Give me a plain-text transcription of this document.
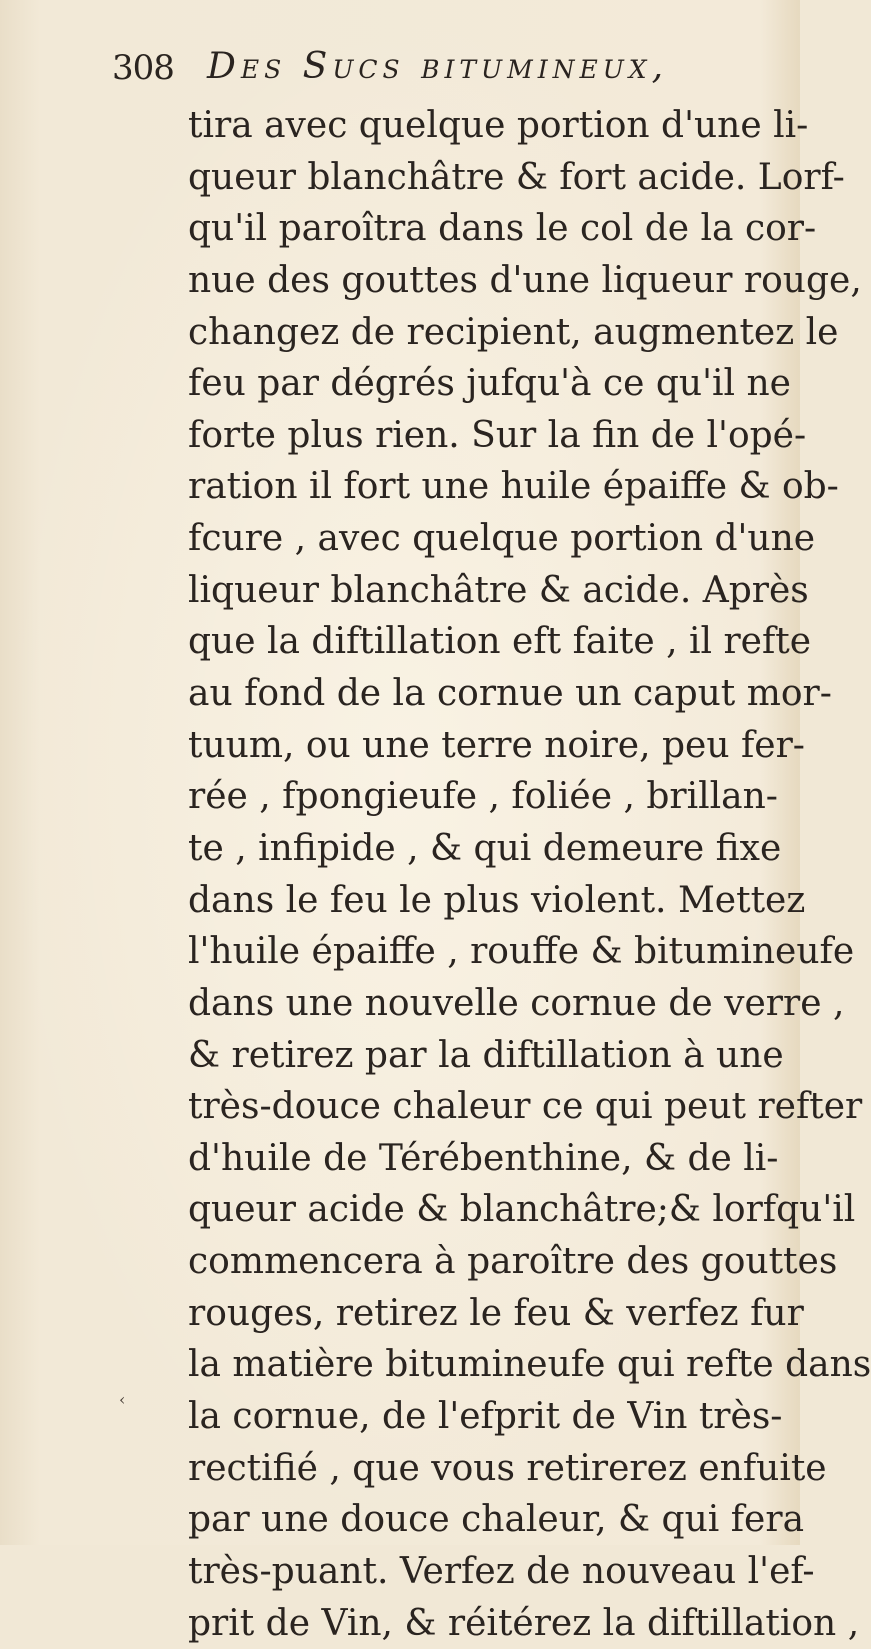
308 Des Sucs bitumineux,
tira avec quelque portion d'une li-
queur blanchâtre & fort acide. Lorf-
qu'il paroîtra dans le col de la cor-
nue des gouttes d'une liqueur rouge,
changez de recipient, augmentez le
feu par dégrés jufqu'à ce qu'il ne
forte plus rien. Sur la fin de l'opé-
ration il fort une huile épaiffe & ob-
fcure , avec quelque portion d'une
liqueur blanchâtre & acide. Après
que la diftillation eft faite , il refte
au fond de la cornue un caput mor-
tuum, ou une terre noire, peu fer-
rée , fpongieufe , foliée , brillan-
te , infipide , & qui demeure fixe
dans le feu le plus violent. Mettez
l'huile épaiffe , rouffe & bitumineufe
dans une nouvelle cornue de verre ,
& retirez par la diftillation à une
très-douce chaleur ce qui peut refter
d'huile de Térébenthine, & de li-
queur acide & blanchâtre;& lorfqu'il
commencera à paroître des gouttes
rouges, retirez le feu & verfez fur
la matière bitumineufe qui refte dans
la cornue, de l'efprit de Vin très-
rectifié , que vous retirerez enfuite
par une douce chaleur, & qui fera
très-puant. Verfez de nouveau l'ef-
prit de Vin, & réitérez la diftillation ,
‹
